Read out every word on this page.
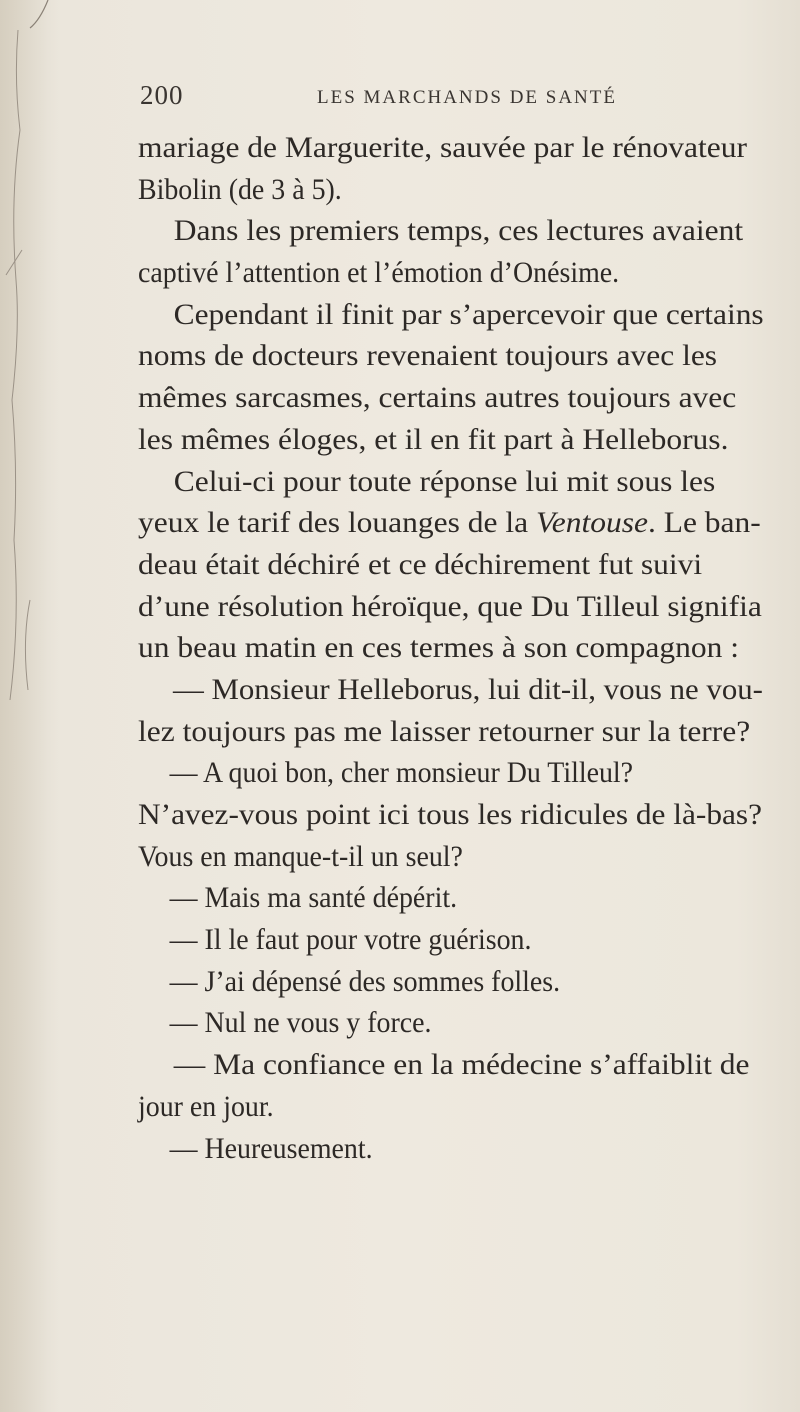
200	LES MARCHANDS DE SANTÉ
mariage de Marguerite, sauvée par le rénovateur
Bibolin (de 3 à 5).
Dans les premiers temps, ces lectures avaient
captivé l’attention et l’émotion d’Onésime.
Cependant il finit par s’apercevoir que certains
noms de docteurs revenaient toujours avec les
mêmes sarcasmes, certains autres toujours avec
les mêmes éloges, et il en fit part à Helleborus.
Celui-ci pour toute réponse lui mit sous les
yeux le tarif des louanges de la Ventouse. Le ban-
deau était déchiré et ce déchirement fut suivi
d’une résolution héroïque, que Du Tilleul signifia
un beau matin en ces termes à son compagnon :
— Monsieur Helleborus, lui dit-il, vous ne vou-
lez toujours pas me laisser retourner sur la terre?
— A quoi bon, cher monsieur Du Tilleul?
N’avez-vous point ici tous les ridicules de là-bas?
Vous en manque-t-il un seul?
— Mais ma santé dépérit.
— Il le faut pour votre guérison.
— J’ai dépensé des sommes folles.
— Nul ne vous y force.
— Ma confiance en la médecine s’affaiblit de
jour en jour.
— Heureusement.
